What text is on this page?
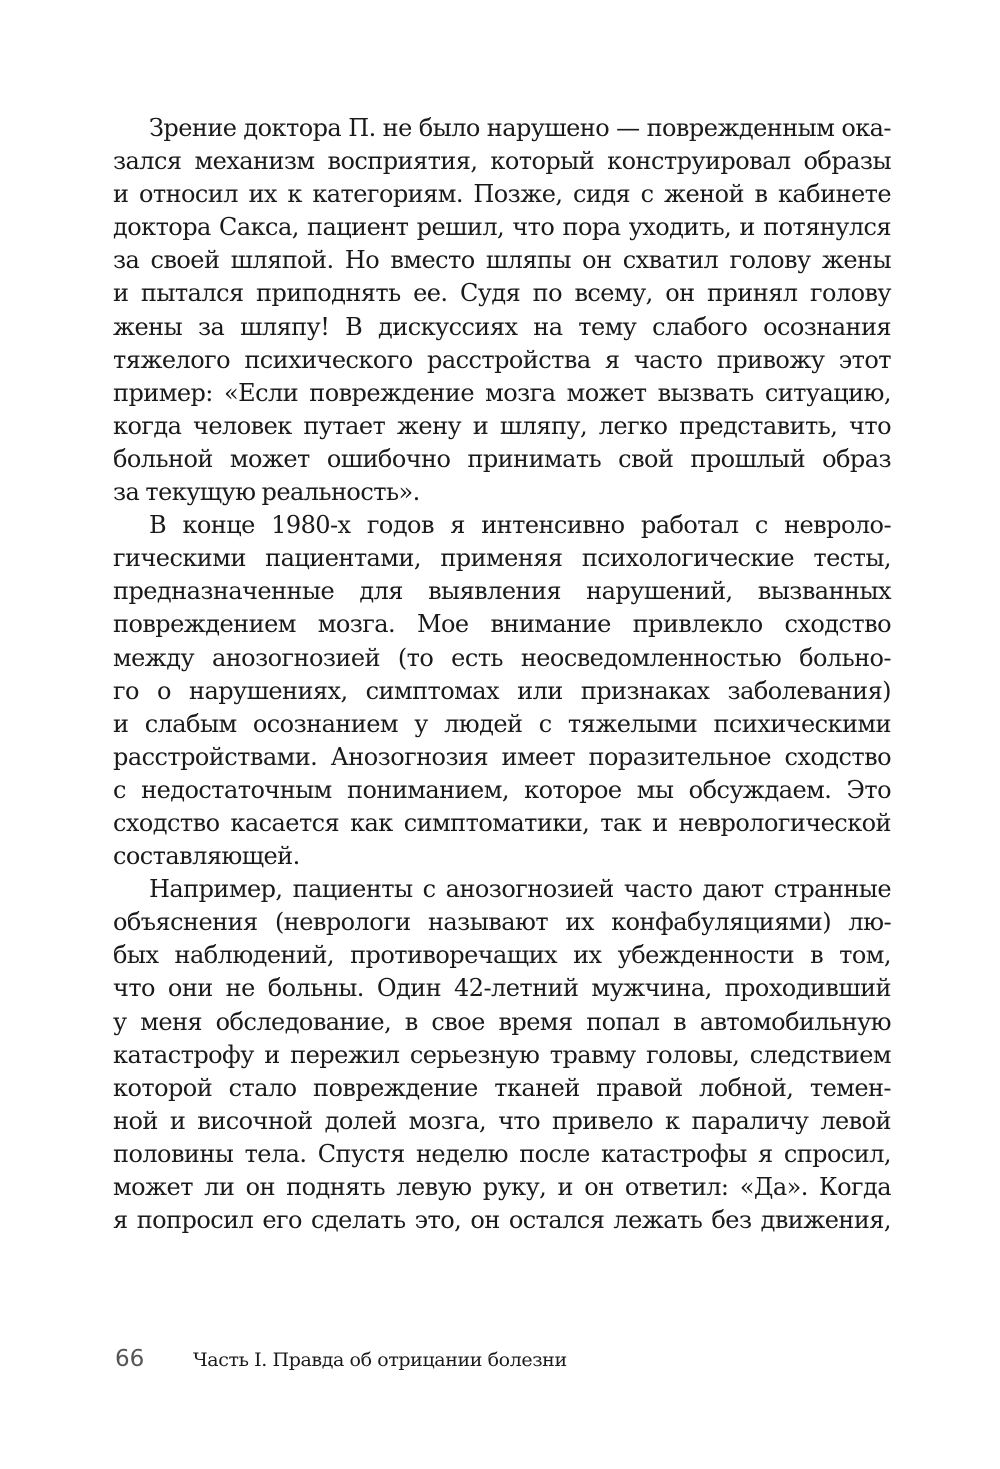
Зрение доктора П. не было нарушено — поврежденным ока-
зался механизм восприятия, который конструировал образы
и относил их к категориям. Позже, сидя с женой в кабинете
доктора Сакса, пациент решил, что пора уходить, и потянулся
за своей шляпой. Но вместо шляпы он схватил голову жены
и пытался приподнять ее. Судя по всему, он принял голову
жены за шляпу! В дискуссиях на тему слабого осознания
тяжелого психического расстройства я часто привожу этот
пример: «Если повреждение мозга может вызвать ситуацию,
когда человек путает жену и шляпу, легко представить, что
больной может ошибочно принимать свой прошлый образ
за текущую реальность».
В конце 1980-х годов я интенсивно работал с невроло-
гическими пациентами, применяя психологические тесты,
предназначенные для выявления нарушений, вызванных
повреждением мозга. Мое внимание привлекло сходство
между анозогнозией (то есть неосведомленностью больно-
го о нарушениях, симптомах или признаках заболевания)
и слабым осознанием у людей с тяжелыми психическими
расстройствами. Анозогнозия имеет поразительное сходство
с недостаточным пониманием, которое мы обсуждаем. Это
сходство касается как симптоматики, так и неврологической
составляющей.
Например, пациенты с анозогнозией часто дают странные
объяснения (неврологи называют их конфабуляциями) лю-
бых наблюдений, противоречащих их убежденности в том,
что они не больны. Один 42-летний мужчина, проходивший
у меня обследование, в свое время попал в автомобильную
катастрофу и пережил серьезную травму головы, следствием
которой стало повреждение тканей правой лобной, темен-
ной и височной долей мозга, что привело к параличу левой
половины тела. Спустя неделю после катастрофы я спросил,
может ли он поднять левую руку, и он ответил: «Да». Когда
я попросил его сделать это, он остался лежать без движения,
66	Часть I. Правда об отрицании болезни
